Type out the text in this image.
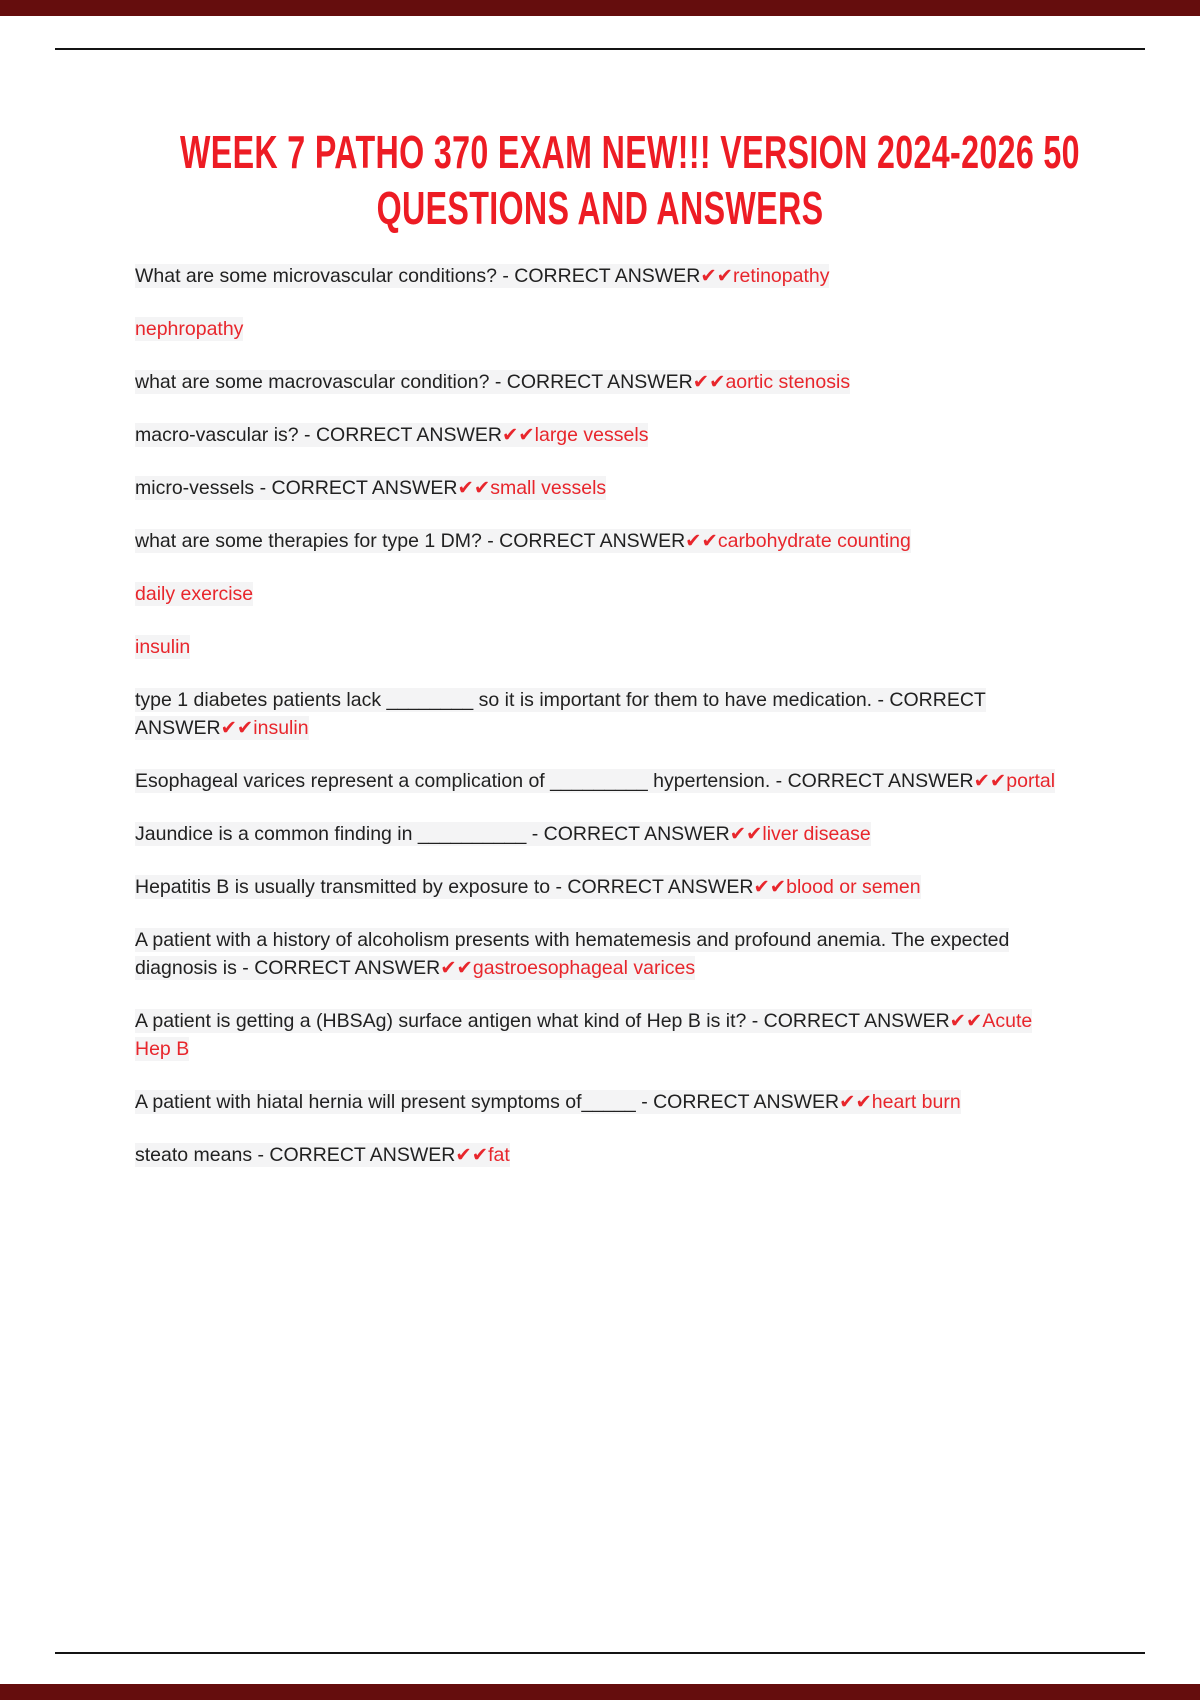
WEEK 7 PATHO 370 EXAM NEW!!! VERSION 2024-2026 50
QUESTIONS AND ANSWERS

What are some microvascular conditions? - CORRECT ANSWER✔✔retinopathy

nephropathy

what are some macrovascular condition? - CORRECT ANSWER✔✔aortic stenosis

macro-vascular is? - CORRECT ANSWER✔✔large vessels

micro-vessels - CORRECT ANSWER✔✔small vessels

what are some therapies for type 1 DM? - CORRECT ANSWER✔✔carbohydrate counting

daily exercise

insulin

type 1 diabetes patients lack ________ so it is important for them to have medication. - CORRECT ANSWER✔✔insulin

Esophageal varices represent a complication of _________ hypertension. - CORRECT ANSWER✔✔portal

Jaundice is a common finding in __________ - CORRECT ANSWER✔✔liver disease

Hepatitis B is usually transmitted by exposure to - CORRECT ANSWER✔✔blood or semen

A patient with a history of alcoholism presents with hematemesis and profound anemia. The expected diagnosis is - CORRECT ANSWER✔✔gastroesophageal varices

A patient is getting a (HBSAg) surface antigen what kind of Hep B is it? - CORRECT ANSWER✔✔Acute Hep B

A patient with hiatal hernia will present symptoms of_____ - CORRECT ANSWER✔✔heart burn

steato means - CORRECT ANSWER✔✔fat
